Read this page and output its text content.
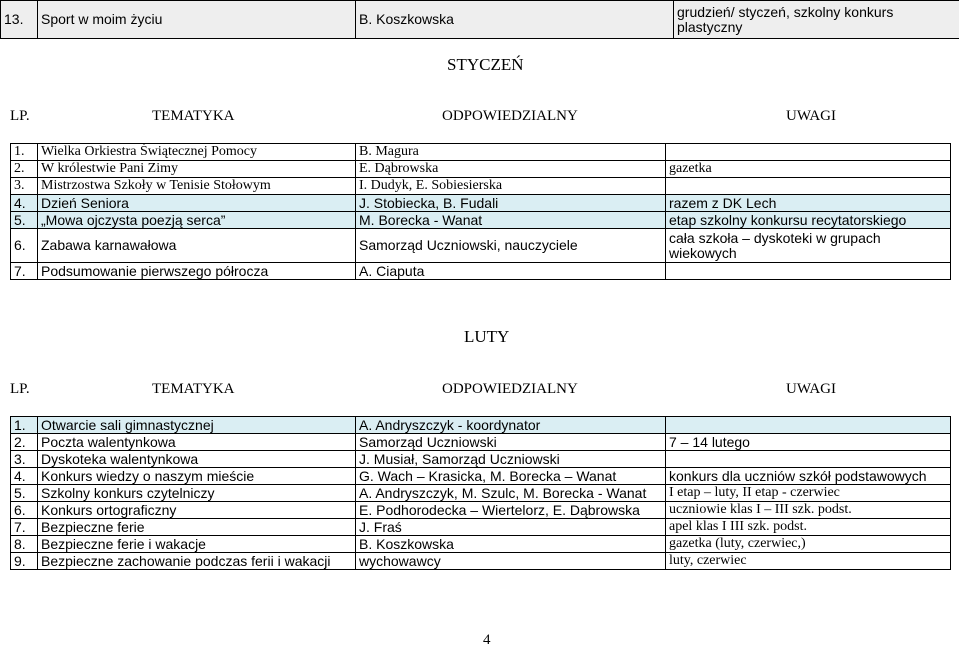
13.	Sport w moim życiu	B. Koszkowska	grudzień/ styczeń, szkolny konkurs plastyczny
STYCZEŃ
LP.	TEMATYKA	ODPOWIEDZIALNY	UWAGI
1.	Wielka Orkiestra Świątecznej Pomocy	B. Magura	
2.	W królestwie Pani Zimy	E. Dąbrowska	gazetka
3.	Mistrzostwa Szkoły w Tenisie Stołowym	I. Dudyk, E. Sobiesierska	
4.	Dzień Seniora	J. Stobiecka, B. Fudali	razem z DK Lech
5.	„Mowa ojczysta poezją serca”	M. Borecka - Wanat	etap szkolny konkursu recytatorskiego
6.	Zabawa karnawałowa	Samorząd Uczniowski, nauczyciele	cała szkoła – dyskoteki w grupach wiekowych
7.	Podsumowanie pierwszego półrocza	A. Ciaputa	
LUTY
LP.	TEMATYKA	ODPOWIEDZIALNY	UWAGI
1.	Otwarcie sali gimnastycznej	A. Andryszczyk - koordynator	
2.	Poczta walentynkowa	Samorząd Uczniowski	7 – 14 lutego
3.	Dyskoteka walentynkowa	J. Musiał, Samorząd Uczniowski	
4.	Konkurs wiedzy o naszym mieście	G. Wach – Krasicka, M. Borecka – Wanat	konkurs dla uczniów szkół podstawowych
5.	Szkolny konkurs czytelniczy	A. Andryszczyk, M. Szulc, M. Borecka - Wanat	I etap – luty, II etap - czerwiec
6.	Konkurs ortograficzny	E. Podhorodecka – Wiertelorz, E. Dąbrowska	uczniowie klas I – III szk. podst.
7.	Bezpieczne ferie	J. Fraś	apel klas I III szk. podst.
8.	Bezpieczne ferie i wakacje	B. Koszkowska	gazetka (luty, czerwiec,)
9.	Bezpieczne zachowanie podczas ferii i wakacji	wychowawcy	luty, czerwiec
4
